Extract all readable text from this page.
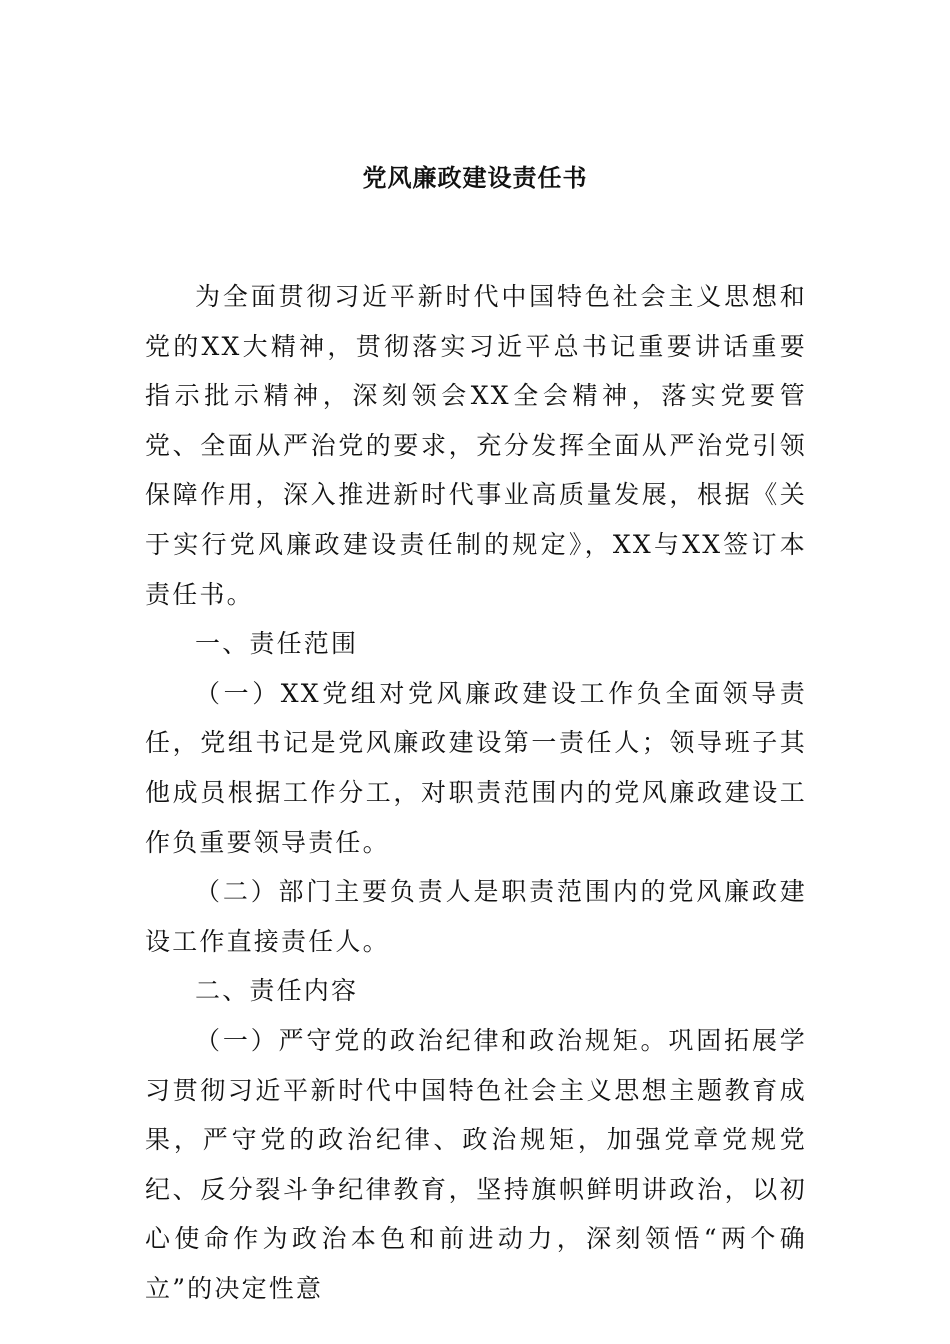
党风廉政建设责任书

为全面贯彻习近平新时代中国特色社会主义思想和党的XX大精神，贯彻落实习近平总书记重要讲话重要指示批示精神，深刻领会XX全会精神，落实党要管党、全面从严治党的要求，充分发挥全面从严治党引领保障作用，深入推进新时代事业高质量发展，根据《关于实行党风廉政建设责任制的规定》，XX与XX签订本责任书。

一、责任范围

（一）XX党组对党风廉政建设工作负全面领导责任，党组书记是党风廉政建设第一责任人；领导班子其他成员根据工作分工，对职责范围内的党风廉政建设工作负重要领导责任。

（二）部门主要负责人是职责范围内的党风廉政建设工作直接责任人。

二、责任内容

（一）严守党的政治纪律和政治规矩。巩固拓展学习贯彻习近平新时代中国特色社会主义思想主题教育成果，严守党的政治纪律、政治规矩，加强党章党规党纪、反分裂斗争纪律教育，坚持旗帜鲜明讲政治，以初心使命作为政治本色和前进动力，深刻领悟“两个确立”的决定性意
